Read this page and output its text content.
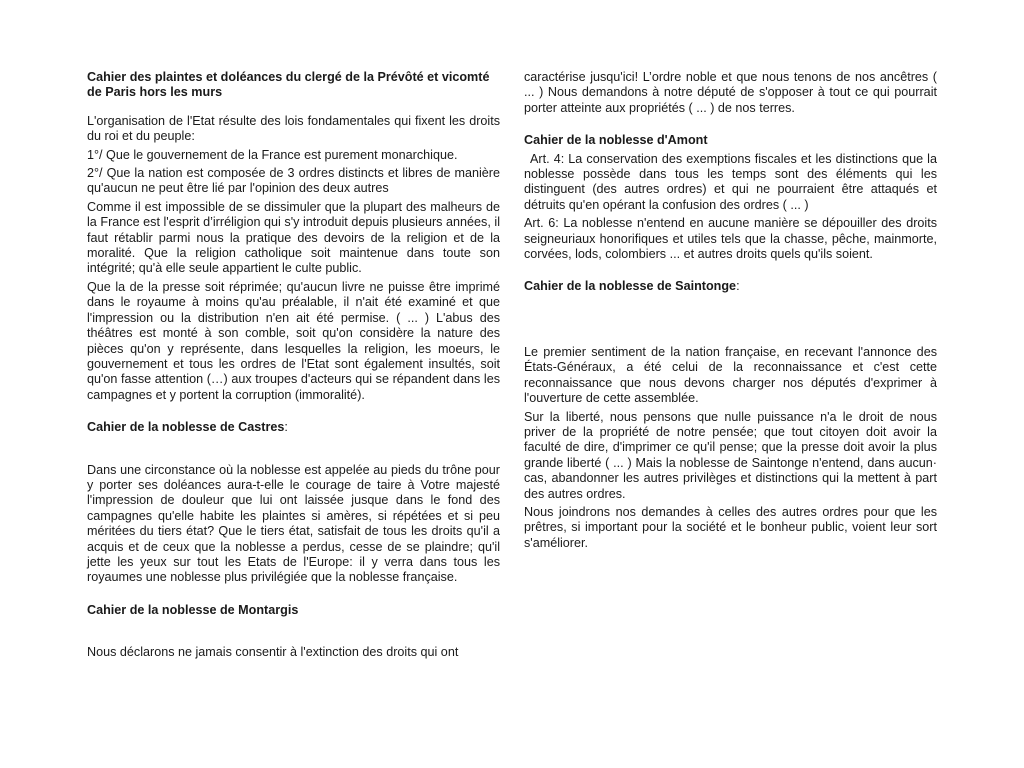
Cahier des plaintes et doléances du clergé de la Prévôté et vicomté de Paris hors les murs

L'organisation de l'Etat résulte des lois fondamentales qui fixent les droits du roi et du peuple:

1°/ Que le gouvernement de la France est purement monarchique.

2°/ Que la nation est composée de 3 ordres distincts et libres de manière qu'aucun ne peut être lié par l'opinion des deux autres

Comme il est impossible de se dissimuler que la plupart des malheurs de la France est l'esprit d’irréligion qui s'y introduit depuis plusieurs années, il faut rétablir parmi nous la pratique des devoirs de la religion et de la moralité. Que la religion catholique soit maintenue dans toute son intégrité; qu'à elle seule appartient le culte public.

Que la de la presse soit réprimée; qu'aucun livre ne puisse être imprimé dans le royaume à moins qu'au préalable, il n'ait été examiné et que l'impression ou la distribution n'en ait été permise. ( ... ) L'abus des théâtres est monté à son comble, soit qu'on considère la nature des pièces qu'on y représente, dans lesquelles la religion, les moeurs, le gouvernement et tous les ordres de l'Etat sont également insultés, soit qu'on fasse attention (…) aux troupes d'acteurs qui se répandent dans les campagnes et y portent la corruption (immoralité).

Cahier de la noblesse de Castres:

Dans une circonstance où la noblesse est appelée au pieds du trône pour y porter ses doléances aura-t-elle le courage de taire à Votre majesté l'impression de douleur que lui ont laissée jusque dans le fond des campagnes qu'elle habite les plaintes si amères, si répétées et si peu méritées du tiers état? Que le tiers état, satisfait de tous les droits qu'il a acquis et de ceux que la noblesse a perdus, cesse de se plaindre; qu'il jette les yeux sur tout les Etats de l'Europe: il y verra dans tous les royaumes une noblesse plus privilégiée que la noblesse française.

Cahier de la noblesse de Montargis

Nous déclarons ne jamais consentir à l'extinction des droits qui ont

caractérise jusqu'ici! L’ordre noble et que nous tenons de nos ancêtres ( ... ) Nous demandons à notre député de s'opposer à tout ce qui pourrait porter atteinte aux propriétés ( ... ) de nos terres.

Cahier de la noblesse d'Amont

Art. 4: La conservation des exemptions fiscales et les distinctions que la noblesse possède dans tous les temps sont des éléments qui les distinguent (des autres ordres) et qui ne pourraient être attaqués et détruits qu'en opérant la confusion des ordres ( ... )

Art. 6: La noblesse n'entend en aucune manière se dépouiller des droits seigneuriaux honorifiques et utiles tels que la chasse, pêche, mainmorte, corvées, lods, colombiers ... et autres droits quels qu'ils soient.

Cahier de la noblesse de Saintonge:

Le premier sentiment de la nation française, en recevant l'annonce des États-Généraux, a été celui de la reconnaissance et c'est cette reconnaissance que nous devons charger nos députés d'exprimer à l'ouverture de cette assemblée.

Sur la liberté, nous pensons que nulle puissance n'a le droit de nous priver de la propriété de notre pensée; que tout citoyen doit avoir la faculté de dire, d'imprimer ce qu'il pense; que la presse doit avoir la plus grande liberté ( ... ) Mais la noblesse de Saintonge n'entend, dans aucun· cas, abandonner les autres privilèges et distinctions qui la mettent à part des autres ordres.

Nous joindrons nos demandes à celles des autres ordres pour que les prêtres, si important pour la société et le bonheur public, voient leur sort s'améliorer.
